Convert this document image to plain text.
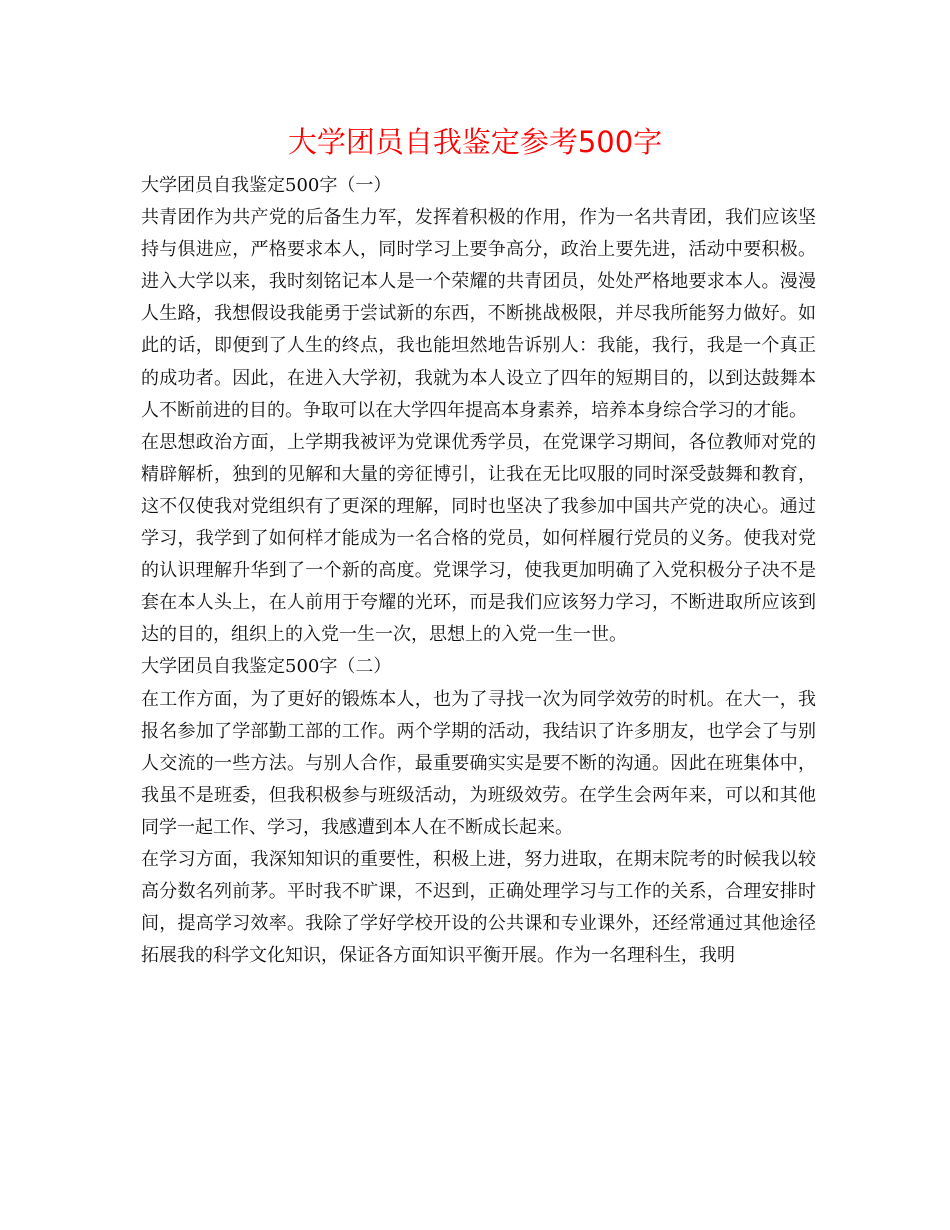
大学团员自我鉴定参考500字

大学团员自我鉴定500字（一）

共青团作为共产党的后备生力军，发挥着积极的作用，作为一名共青团，我们应该坚持与俱进应，严格要求本人，同时学习上要争高分，政治上要先进，活动中要积极。进入大学以来，我时刻铭记本人是一个荣耀的共青团员，处处严格地要求本人。漫漫人生路，我想假设我能勇于尝试新的东西，不断挑战极限，并尽我所能努力做好。如此的话，即便到了人生的终点，我也能坦然地告诉别人：我能，我行，我是一个真正的成功者。因此，在进入大学初，我就为本人设立了四年的短期目的，以到达鼓舞本人不断前进的目的。争取可以在大学四年提高本身素养，培养本身综合学习的才能。

在思想政治方面，上学期我被评为党课优秀学员，在党课学习期间，各位教师对党的精辟解析，独到的见解和大量的旁征博引，让我在无比叹服的同时深受鼓舞和教育，这不仅使我对党组织有了更深的理解，同时也坚决了我参加中国共产党的决心。通过学习，我学到了如何样才能成为一名合格的党员，如何样履行党员的义务。使我对党的认识理解升华到了一个新的高度。党课学习，使我更加明确了入党积极分子决不是套在本人头上，在人前用于夸耀的光环，而是我们应该努力学习，不断进取所应该到达的目的，组织上的入党一生一次，思想上的入党一生一世。

大学团员自我鉴定500字（二）

在工作方面，为了更好的锻炼本人，也为了寻找一次为同学效劳的时机。在大一，我报名参加了学部勤工部的工作。两个学期的活动，我结识了许多朋友，也学会了与别人交流的一些方法。与别人合作，最重要确实实是要不断的沟通。因此在班集体中，我虽不是班委，但我积极参与班级活动，为班级效劳。在学生会两年来，可以和其他同学一起工作、学习，我感遭到本人在不断成长起来。

在学习方面，我深知知识的重要性，积极上进，努力进取，在期末院考的时候我以较高分数名列前茅。平时我不旷课，不迟到，正确处理学习与工作的关系，合理安排时间，提高学习效率。我除了学好学校开设的公共课和专业课外，还经常通过其他途径拓展我的科学文化知识，保证各方面知识平衡开展。作为一名理科生，我明
